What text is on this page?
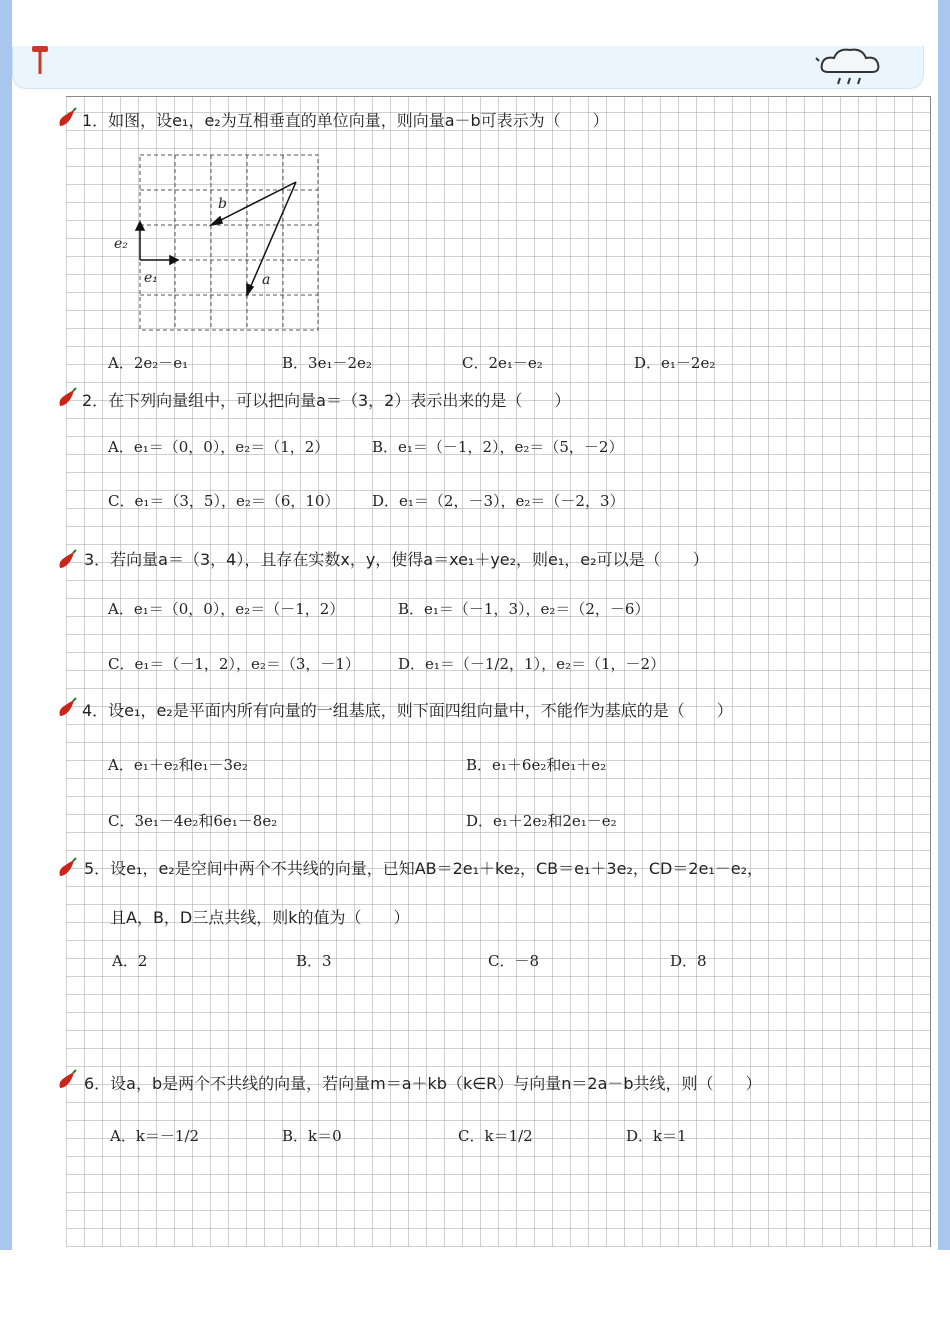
1．如图，设e₁，e₂为互相垂直的单位向量，则向量a－b可表示为（　　）
b
a
e₁
e₂
A．2e₂－e₁	B．3e₁－2e₂	C．2e₁－e₂	D．e₁－2e₂
2．在下列向量组中，可以把向量a＝（3，2）表示出来的是（　　）
A．e₁＝（0，0），e₂＝（1，2）	B．e₁＝（－1，2），e₂＝（5，－2）
C．e₁＝（3，5），e₂＝（6，10） D．e₁＝（2，－3），e₂＝（－2，3）
3．若向量a＝（3，4），且存在实数x，y，使得a＝xe₁＋ye₂，则e₁，e₂可以是（　　）
A．e₁＝（0，0），e₂＝（－1，2）	B．e₁＝（－1，3），e₂＝（2，－6）
C．e₁＝（－1，2），e₂＝（3，－1）	D．e₁＝（－1/2，1），e₂＝（1，－2）
4．设e₁，e₂是平面内所有向量的一组基底，则下面四组向量中，不能作为基底的是（　　）
A．e₁＋e₂和e₁－3e₂	B．e₁＋6e₂和e₁＋e₂
C．3e₁－4e₂和6e₁－8e₂	D．e₁＋2e₂和2e₁－e₂
5．设e₁，e₂是空间中两个不共线的向量，已知AB＝2e₁＋ke₂，CB＝e₁＋3e₂，CD＝2e₁－e₂，
且A，B，D三点共线，则k的值为（　　）
A．2	B．3	C．－8	D．8
6．设a，b是两个不共线的向量，若向量m＝a＋kb（k∈R）与向量n＝2a－b共线，则（　　）
A．k＝－1/2	B．k＝0	C．k＝1/2	D．k＝1
